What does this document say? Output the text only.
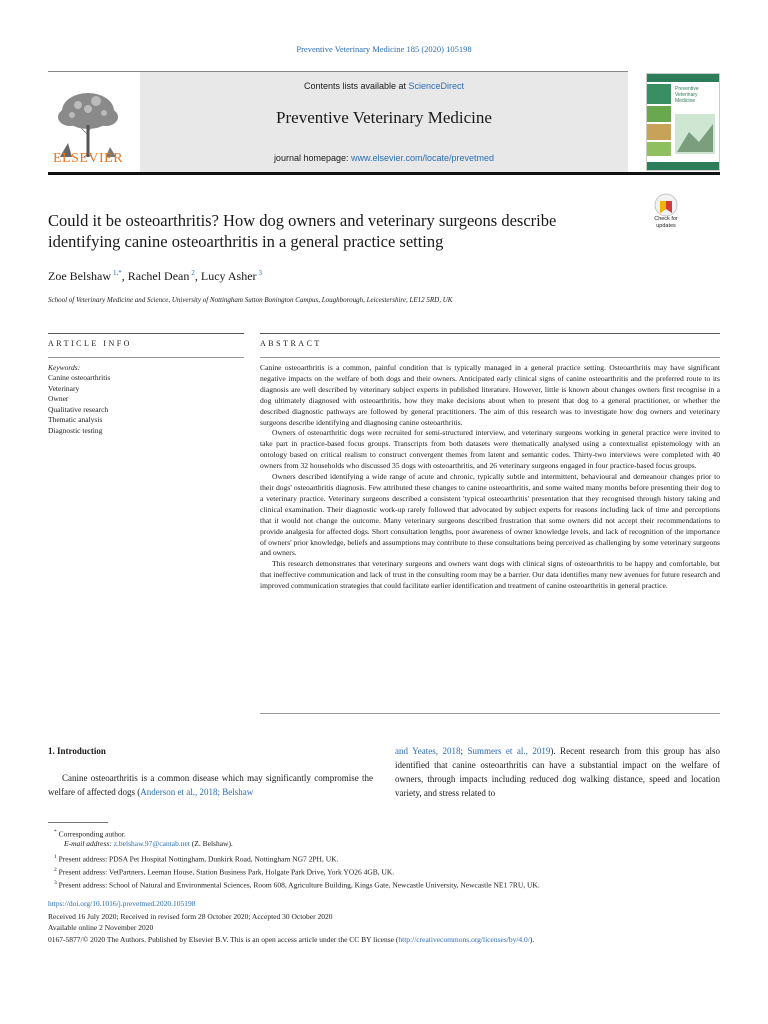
Preventive Veterinary Medicine 185 (2020) 105198
ELSEVIER
Contents lists available at ScienceDirect
Preventive Veterinary Medicine
journal homepage: www.elsevier.com/locate/prevetmed
Preventive Veterinary Medicine
Could it be osteoarthritis? How dog owners and veterinary surgeons describe identifying canine osteoarthritis in a general practice setting
Check for updates
Zoe Belshaw $^{1,*}$, Rachel Dean $^2$, Lucy Asher $^3$
School of Veterinary Medicine and Science, University of Nottingham Sutton Bonington Campus, Loughborough, Leicestershire, LE12 5RD, UK
ARTICLE INFO	ABSTRACT
Keywords:
Canine osteoarthritis
Veterinary
Owner
Qualitative research
Thematic analysis
Diagnostic testing

Canine osteoarthritis is a common, painful condition that is typically managed in a general practice setting. Osteoarthritis may have significant negative impacts on the welfare of both dogs and their owners. Anticipated early clinical signs of canine osteoarthritis and the preferred route to its diagnosis are well described by veterinary subject experts in published literature. However, little is known about changes owners first recognise in a dog ultimately diagnosed with osteoarthritis, how they make decisions about when to present that dog to a general practitioner, or whether the described diagnostic pathways are followed by general practitioners. The aim of this research was to investigate how dog owners and veterinary surgeons describe identifying and diagnosing canine osteoarthritis.

Owners of osteoarthritic dogs were recruited for semi-structured interview, and veterinary surgeons working in general practice were invited to take part in practice-based focus groups. Transcripts from both datasets were thematically analysed using a contextualist epistemology with an ontology based on critical realism to construct convergent themes from latent and semantic codes. Thirty-two interviews were completed with 40 owners from 32 households who discussed 35 dogs with osteoarthritis, and 26 veterinary surgeons engaged in four practice-based focus groups.

Owners described identifying a wide range of acute and chronic, typically subtle and intermittent, behavioural and demeanour changes prior to their dogs' osteoarthritis diagnosis. Few attributed these changes to canine osteoarthritis, and some waited many months before presenting their dog to a veterinary practice. Veterinary surgeons described a consistent 'typical osteoarthritis' presentation that they recognised through history taking and clinical examination. Their diagnostic work-up rarely followed that advocated by subject experts for reasons including lack of time and perceptions that it would not change the outcome. Many veterinary surgeons described frustration that some owners did not accept their recommendations to provide analgesia for affected dogs. Short consultation lengths, poor awareness of owner knowledge levels, and lack of recognition of the importance of owners' prior knowledge, beliefs and assumptions may contribute to these consultations being perceived as challenging by some veterinary surgeons and owners.

This research demonstrates that veterinary surgeons and owners want dogs with clinical signs of osteoarthritis to be happy and comfortable, but that ineffective communication and lack of trust in the consulting room may be a barrier. Our data identifies many new avenues for future research and improved communication strategies that could facilitate earlier identification and treatment of canine osteoarthritis in general practice.

1. Introduction
Canine osteoarthritis is a common disease which may significantly compromise the welfare of affected dogs (Anderson et al., 2018; Belshaw
and Yeates, 2018; Summers et al., 2019). Recent research from this group has also identified that canine osteoarthritis can have a substantial impact on the welfare of owners, through impacts including reduced dog walking distance, speed and location variety, and stress related to
* Corresponding author.
E-mail address: z.belshaw.97@cantab.net (Z. Belshaw).
$^1$ Present address: PDSA Pet Hospital Nottingham, Dunkirk Road, Nottingham NG7 2PH, UK.
$^2$ Present address: VetPartners, Leeman House, Station Business Park, Holgate Park Drive, York YO26 4GB, UK.
$^3$ Present address: School of Natural and Environmental Sciences, Room 608, Agriculture Building, Kings Gate, Newcastle University, Newcastle NE1 7RU, UK.
https://doi.org/10.1016/j.prevetmed.2020.105198
Received 16 July 2020; Received in revised form 28 October 2020; Accepted 30 October 2020
Available online 2 November 2020
0167-5877/© 2020 The Authors. Published by Elsevier B.V. This is an open access article under the CC BY license (http://creativecommons.org/licenses/by/4.0/).
